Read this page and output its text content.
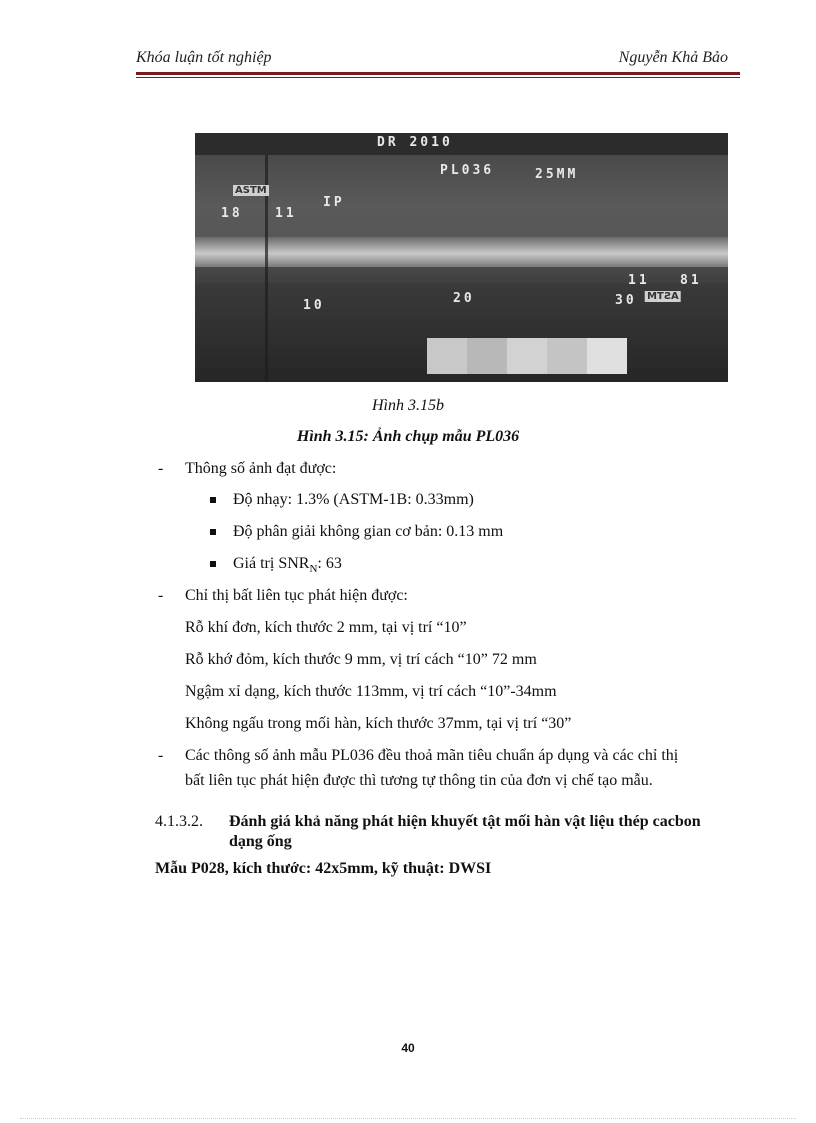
Khóa luận tốt nghiệp	Nguyễn Khả Bảo
DR 2010
PL036	25MM
ASTM
18 11
IP
10	20	30
11 81
ASTM
Hình 3.15b
Hình 3.15: Ảnh chụp mẫu PL036
- Thông số ảnh đạt được:
Độ nhạy: 1.3% (ASTM-1B: 0.33mm)
Độ phân giải không gian cơ bản: 0.13 mm
Giá trị $SNR_N$: 63
- Chỉ thị bất liên tục phát hiện được:
Rỗ khí đơn, kích thước 2 mm, tại vị trí “10”
Rỗ khớ đỏm, kích thước 9 mm, vị trí cách “10” 72 mm
Ngậm xỉ dạng, kích thước 113mm, vị trí cách “10”-34mm
Không ngấu trong mối hàn, kích thước 37mm, tại vị trí “30”
- Các thông số ảnh mẫu PL036 đều thoả mãn tiêu chuẩn áp dụng và các chỉ thị
bất liên tục phát hiện được thì tương tự thông tin của đơn vị chế tạo mẫu.
4.1.3.2. Đánh giá khả năng phát hiện khuyết tật mối hàn vật liệu thép cacbon
dạng ống
Mẫu P028, kích thước: 42x5mm, kỹ thuật: DWSI
40
